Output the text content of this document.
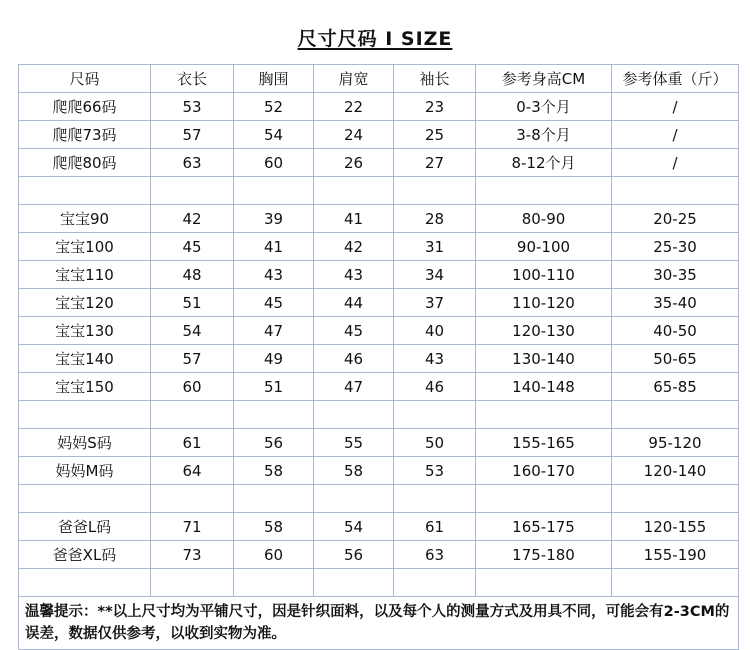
尺寸尺码 I SIZE
尺码	衣长	胸围	肩宽	袖长	参考身高CM	参考体重（斤）
爬爬66码	53	52	22	23	0-3个月	/
爬爬73码	57	54	24	25	3-8个月	/
爬爬80码	63	60	26	27	8-12个月	/

宝宝90	42	39	41	28	80-90	20-25
宝宝100	45	41	42	31	90-100	25-30
宝宝110	48	43	43	34	100-110	30-35
宝宝120	51	45	44	37	110-120	35-40
宝宝130	54	47	45	40	120-130	40-50
宝宝140	57	49	46	43	130-140	50-65
宝宝150	60	51	47	46	140-148	65-85

妈妈S码	61	56	55	50	155-165	95-120
妈妈M码	64	58	58	53	160-170	120-140

爸爸L码	71	58	54	61	165-175	120-155
爸爸XL码	73	60	56	63	175-180	155-190

温馨提示：**以上尺寸均为平铺尺寸，因是针织面料，以及每个人的测量方式及用具不同，可能会有2-3CM的误差，数据仅供参考，以收到实物为准。						
